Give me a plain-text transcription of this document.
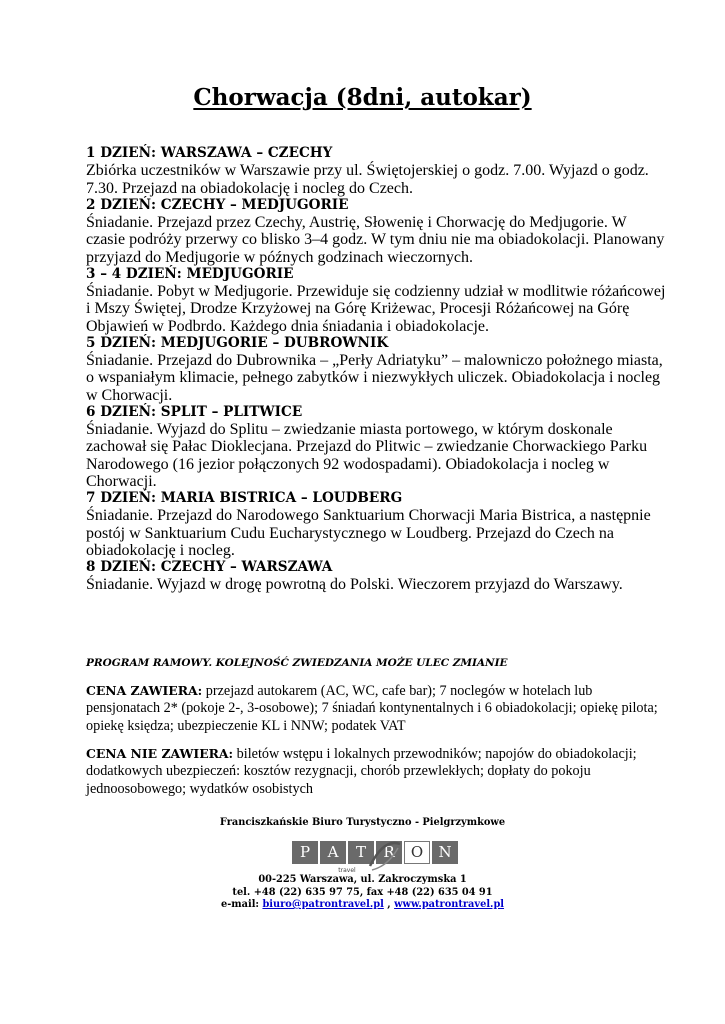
Chorwacja (8dni, autokar)
1 DZIEŃ: WARSZAWA – CZECHY
Zbiórka uczestników w Warszawie przy ul. Świętojerskiej o godz. 7.00. Wyjazd o godz. 7.30. Przejazd na obiadokolację i nocleg do Czech.
2 DZIEŃ: CZECHY – MEDJUGORIE
Śniadanie. Przejazd przez Czechy, Austrię, Słowenię i Chorwację do Medjugorie. W czasie podróży przerwy co blisko 3–4 godz. W tym dniu nie ma obiadokolacji. Planowany przyjazd do Medjugorie w późnych godzinach wieczornych.
3 – 4 DZIEŃ: MEDJUGORIE
Śniadanie. Pobyt w Medjugorie. Przewiduje się codzienny udział w modlitwie różańcowej i Mszy Świętej, Drodze Krzyżowej na Górę Kriżewac, Procesji Różańcowej na Górę Objawień w Podbrdo. Każdego dnia śniadania i obiadokolacje.
5 DZIEŃ: MEDJUGORIE – DUBROWNIK
Śniadanie. Przejazd do Dubrownika – „Perły Adriatyku” – malowniczo położnego miasta, o wspaniałym klimacie, pełnego zabytków i niezwykłych uliczek. Obiadokolacja i nocleg w Chorwacji.
6 DZIEŃ: SPLIT – PLITWICE
Śniadanie. Wyjazd do Splitu – zwiedzanie miasta portowego, w którym doskonale zachował się Pałac Dioklecjana. Przejazd do Plitwic – zwiedzanie Chorwackiego Parku Narodowego (16 jezior połączonych 92 wodospadami). Obiadokolacja i nocleg w Chorwacji.
7 DZIEŃ: MARIA BISTRICA – LOUDBERG
Śniadanie. Przejazd do Narodowego Sanktuarium Chorwacji Maria Bistrica, a następnie postój w Sanktuarium Cudu Eucharystycznego w Loudberg. Przejazd do Czech na obiadokolację i nocleg.
8 DZIEŃ: CZECHY – WARSZAWA
Śniadanie. Wyjazd w drogę powrotną do Polski. Wieczorem przyjazd do Warszawy.
PROGRAM RAMOWY. KOLEJNOŚĆ ZWIEDZANIA MOŻE ULEC ZMIANIE
CENA ZAWIERA: przejazd autokarem (AC, WC, cafe bar); 7 noclegów w hotelach lub pensjonatach 2* (pokoje 2-, 3-osobowe); 7 śniadań kontynentalnych i 6 obiadokolacji; opiekę pilota; opiekę księdza; ubezpieczenie KL i NNW; podatek VAT
CENA NIE ZAWIERA: biletów wstępu i lokalnych przewodników; napojów do obiadokolacji; dodatkowych ubezpieczeń: kosztów rezygnacji, chorób przewlekłych; dopłaty do pokoju jednoosobowego; wydatków osobistych
Franciszkańskie Biuro Turystyczno - Pielgrzymkowe
P	A	T	R	O	N
travel
00-225 Warszawa, ul. Zakroczymska 1
tel. +48 (22) 635 97 75, fax +48 (22) 635 04 91
e-mail: biuro@patrontravel.pl , www.patrontravel.pl
